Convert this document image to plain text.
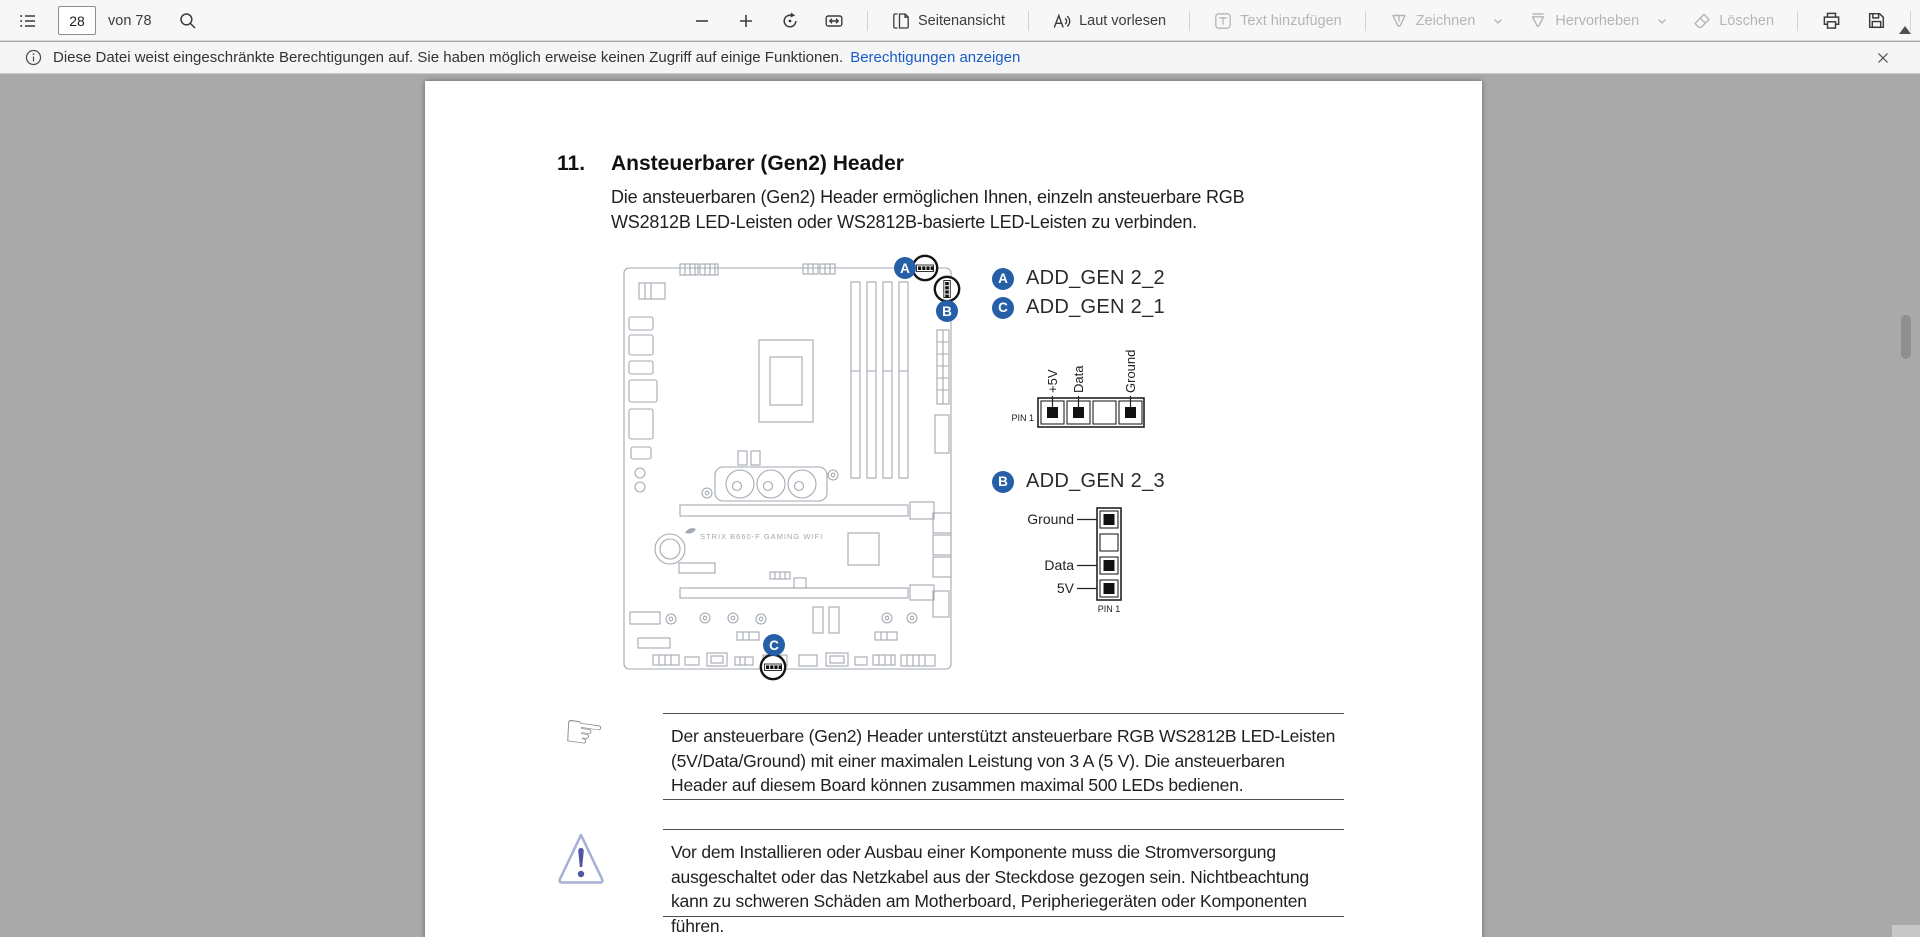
28
von 78	Seitenansicht	Laut vorlesen	Text hinzufügen	Zeichnen	Hervorheben	Löschen
Diese Datei weist eingeschränkte Berechtigungen auf. Sie haben möglich erweise keinen Zugriff auf einige Funktionen. Berechtigungen anzeigen
11. Ansteuerbarer (Gen2) Header
Die ansteuerbaren (Gen2) Header ermöglichen Ihnen, einzeln ansteuerbare RGB WS2812B LED-Leisten oder WS2812B-basierte LED-Leisten zu verbinden.
STRIX B660-F GAMING WIFI
A
B
C
A ADD_GEN 2_2
C ADD_GEN 2_1
B ADD_GEN 2_3
+5V Data	Ground
PIN 1
Ground
Data
5V
PIN 1
☞	Der ansteuerbare (Gen2) Header unterstützt ansteuerbare RGB WS2812B LED-Leisten (5V/Data/Ground) mit einer maximalen Leistung von 3 A (5 V). Die ansteuerbaren Header auf diesem Board können zusammen maximal 500 LEDs bedienen.
Vor dem Installieren oder Ausbau einer Komponente muss die Stromversorgung ausgeschaltet oder das Netzkabel aus der Steckdose gezogen sein. Nichtbeachtung kann zu schweren Schäden am Motherboard, Peripheriegeräten oder Komponenten führen.
